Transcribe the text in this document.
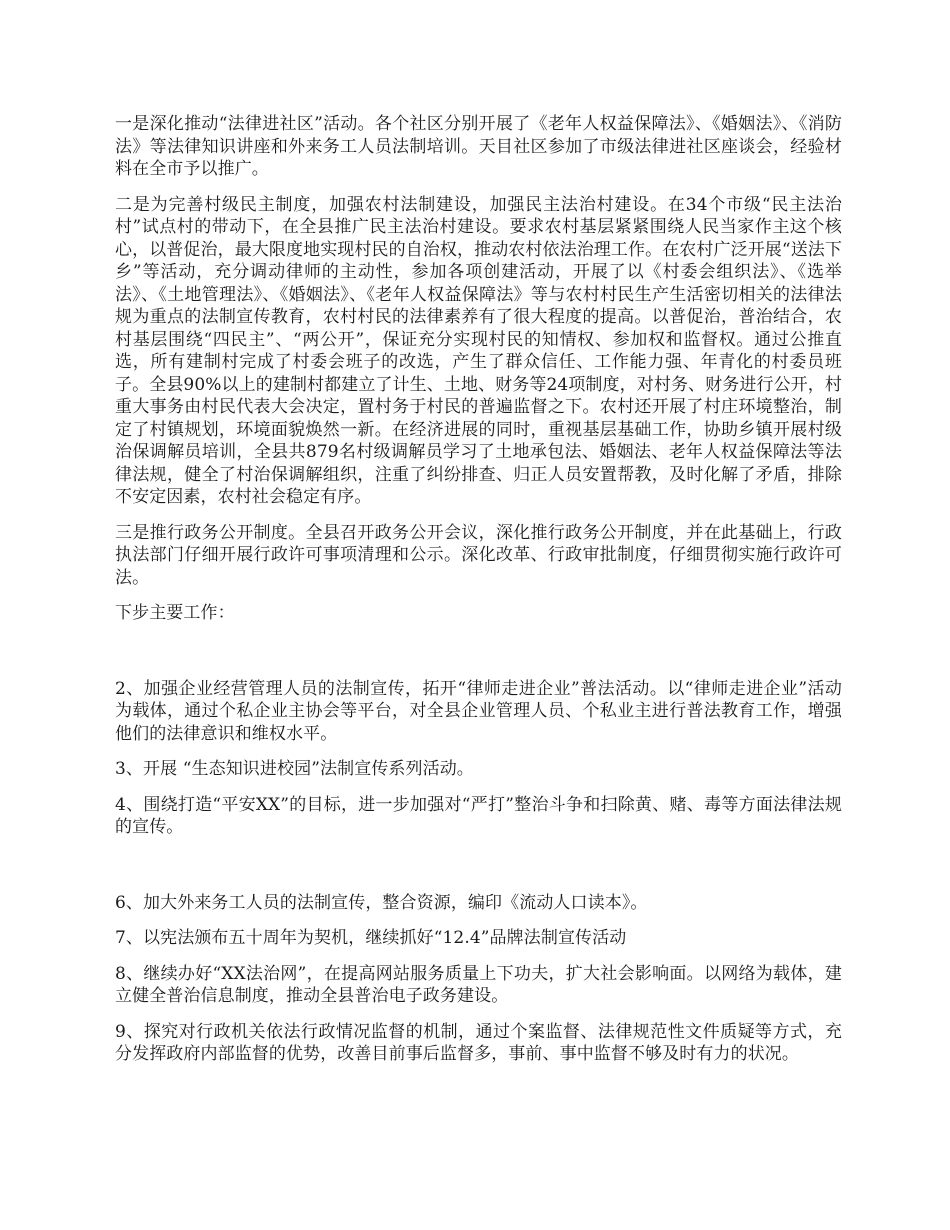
一是深化推动“法律进社区”活动。各个社区分别开展了《老年人权益保障法》、《婚姻法》、《消防法》等法律知识讲座和外来务工人员法制培训。天目社区参加了市级法律进社区座谈会，经验材料在全市予以推广。

二是为完善村级民主制度，加强农村法制建设，加强民主法治村建设。在34个市级“民主法治村”试点村的带动下，在全县推广民主法治村建设。要求农村基层紧紧围绕人民当家作主这个核心，以普促治，最大限度地实现村民的自治权，推动农村依法治理工作。在农村广泛开展“送法下乡”等活动，充分调动律师的主动性，参加各项创建活动，开展了以《村委会组织法》、《选举法》、《土地管理法》、《婚姻法》、《老年人权益保障法》等与农村村民生产生活密切相关的法律法规为重点的法制宣传教育，农村村民的法律素养有了很大程度的提高。以普促治，普治结合，农村基层围绕“四民主”、“两公开”，保证充分实现村民的知情权、参加权和监督权。通过公推直选，所有建制村完成了村委会班子的改选，产生了群众信任、工作能力强、年青化的村委员班子。全县90%以上的建制村都建立了计生、土地、财务等24项制度，对村务、财务进行公开，村重大事务由村民代表大会决定，置村务于村民的普遍监督之下。农村还开展了村庄环境整治，制定了村镇规划，环境面貌焕然一新。在经济进展的同时，重视基层基础工作，协助乡镇开展村级治保调解员培训，全县共879名村级调解员学习了土地承包法、婚姻法、老年人权益保障法等法律法规，健全了村治保调解组织，注重了纠纷排查、归正人员安置帮教，及时化解了矛盾，排除不安定因素，农村社会稳定有序。

三是推行政务公开制度。全县召开政务公开会议，深化推行政务公开制度，并在此基础上，行政执法部门仔细开展行政许可事项清理和公示。深化改革、行政审批制度，仔细贯彻实施行政许可法。

下步主要工作：

2、加强企业经营管理人员的法制宣传，拓开“律师走进企业”普法活动。以“律师走进企业”活动为载体，通过个私企业主协会等平台，对全县企业管理人员、个私业主进行普法教育工作，增强他们的法律意识和维权水平。

3、开展 “生态知识进校园”法制宣传系列活动。

4、围绕打造“平安XX”的目标，进一步加强对“严打”整治斗争和扫除黄、赌、毒等方面法律法规的宣传。

6、加大外来务工人员的法制宣传，整合资源，编印《流动人口读本》。

7、以宪法颁布五十周年为契机，继续抓好“12.4”品牌法制宣传活动

8、继续办好“XX法治网”，在提高网站服务质量上下功夫，扩大社会影响面。以网络为载体，建立健全普治信息制度，推动全县普治电子政务建设。

9、探究对行政机关依法行政情况监督的机制，通过个案监督、法律规范性文件质疑等方式，充分发挥政府内部监督的优势，改善目前事后监督多，事前、事中监督不够及时有力的状况。
